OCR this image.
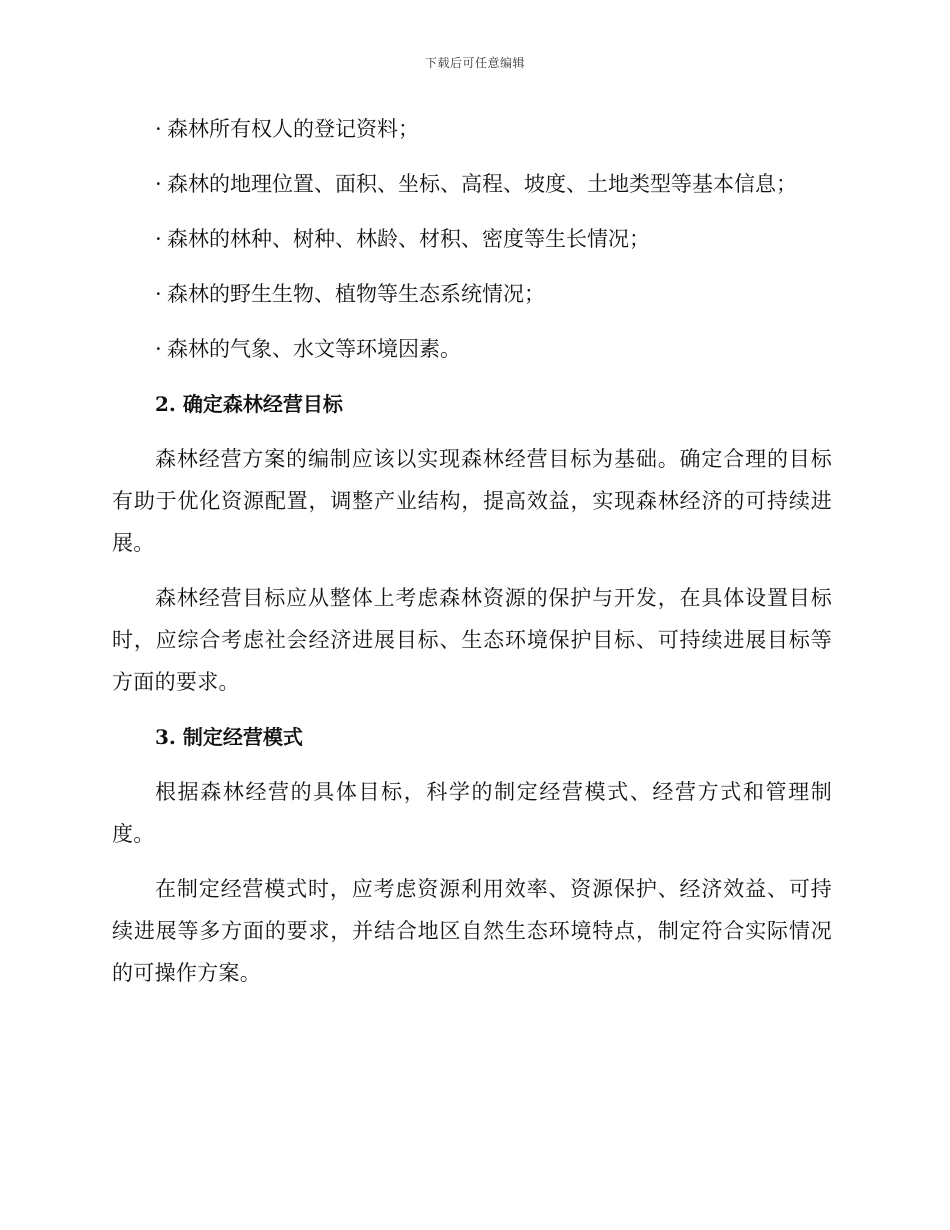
下载后可任意编辑
· 森林所有权人的登记资料；
· 森林的地理位置、面积、坐标、高程、坡度、土地类型等基本信息；
· 森林的林种、树种、林龄、材积、密度等生长情况；
· 森林的野生生物、植物等生态系统情况；
· 森林的气象、水文等环境因素。
2. 确定森林经营目标

森林经营方案的编制应该以实现森林经营目标为基础。确定合理的目标有助于优化资源配置，调整产业结构，提高效益，实现森林经济的可持续进展。

森林经营目标应从整体上考虑森林资源的保护与开发，在具体设置目标时，应综合考虑社会经济进展目标、生态环境保护目标、可持续进展目标等方面的要求。

3. 制定经营模式

根据森林经营的具体目标，科学的制定经营模式、经营方式和管理制度。

在制定经营模式时，应考虑资源利用效率、资源保护、经济效益、可持续进展等多方面的要求，并结合地区自然生态环境特点，制定符合实际情况的可操作方案。
